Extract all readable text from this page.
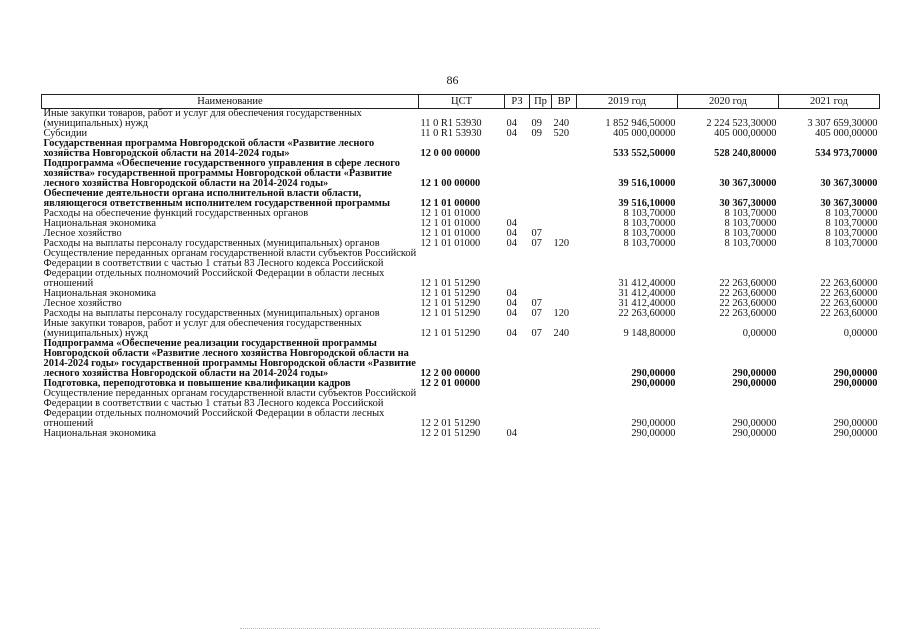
86
Наименование	ЦСТ	РЗ	Пр	ВР	2019 год	2020 год	2021 год
Иные закупки товаров, работ и услуг для обеспечения государственных (муниципальных) нужд	11 0 R1 53930	04	09	240	1 852 946,50000	2 224 523,30000	3 307 659,30000
Субсидии	11 0 R1 53930	04	09	520	405 000,00000	405 000,00000	405 000,00000
Государственная программа Новгородской области «Развитие лесного хозяйства Новгородской области на 2014-2024 годы»	12 0 00 00000				533 552,50000	528 240,80000	534 973,70000
Подпрограмма «Обеспечение государственного управления в сфере лесного хозяйства» государственной программы Новгородской области «Развитие лесного хозяйства Новгородской области на 2014-2024 годы»	12 1 00 00000				39 516,10000	30 367,30000	30 367,30000
Обеспечение деятельности органа исполнительной власти области, являющегося ответственным исполнителем государственной программы	12 1 01 00000				39 516,10000	30 367,30000	30 367,30000
Расходы на обеспечение функций государственных органов	12 1 01 01000				8 103,70000	8 103,70000	8 103,70000
Национальная экономика	12 1 01 01000	04			8 103,70000	8 103,70000	8 103,70000
Лесное хозяйство	12 1 01 01000	04	07		8 103,70000	8 103,70000	8 103,70000
Расходы на выплаты персоналу государственных (муниципальных) органов	12 1 01 01000	04	07	120	8 103,70000	8 103,70000	8 103,70000
Осуществление переданных органам государственной власти субъектов Российской Федерации в соответствии с частью 1 статьи 83 Лесного кодекса Российской Федерации отдельных полномочий Российской Федерации в области лесных отношений	12 1 01 51290				31 412,40000	22 263,60000	22 263,60000
Национальная экономика	12 1 01 51290	04			31 412,40000	22 263,60000	22 263,60000
Лесное хозяйство	12 1 01 51290	04	07		31 412,40000	22 263,60000	22 263,60000
Расходы на выплаты персоналу государственных (муниципальных) органов	12 1 01 51290	04	07	120	22 263,60000	22 263,60000	22 263,60000
Иные закупки товаров, работ и услуг для обеспечения государственных (муниципальных) нужд	12 1 01 51290	04	07	240	9 148,80000	0,00000	0,00000
Подпрограмма «Обеспечение реализации государственной программы Новгородской области «Развитие лесного хозяйства Новгородской области на 2014-2024 годы» государственной программы Новгородской области «Развитие лесного хозяйства Новгородской области на 2014-2024 годы»	12 2 00 00000				290,00000	290,00000	290,00000
Подготовка, переподготовка и повышение квалификации кадров	12 2 01 00000				290,00000	290,00000	290,00000
Осуществление переданных органам государственной власти субъектов Российской Федерации в соответствии с частью 1 статьи 83 Лесного кодекса Российской Федерации отдельных полномочий Российской Федерации в области лесных отношений	12 2 01 51290				290,00000	290,00000	290,00000
Национальная экономика	12 2 01 51290	04			290,00000	290,00000	290,00000
